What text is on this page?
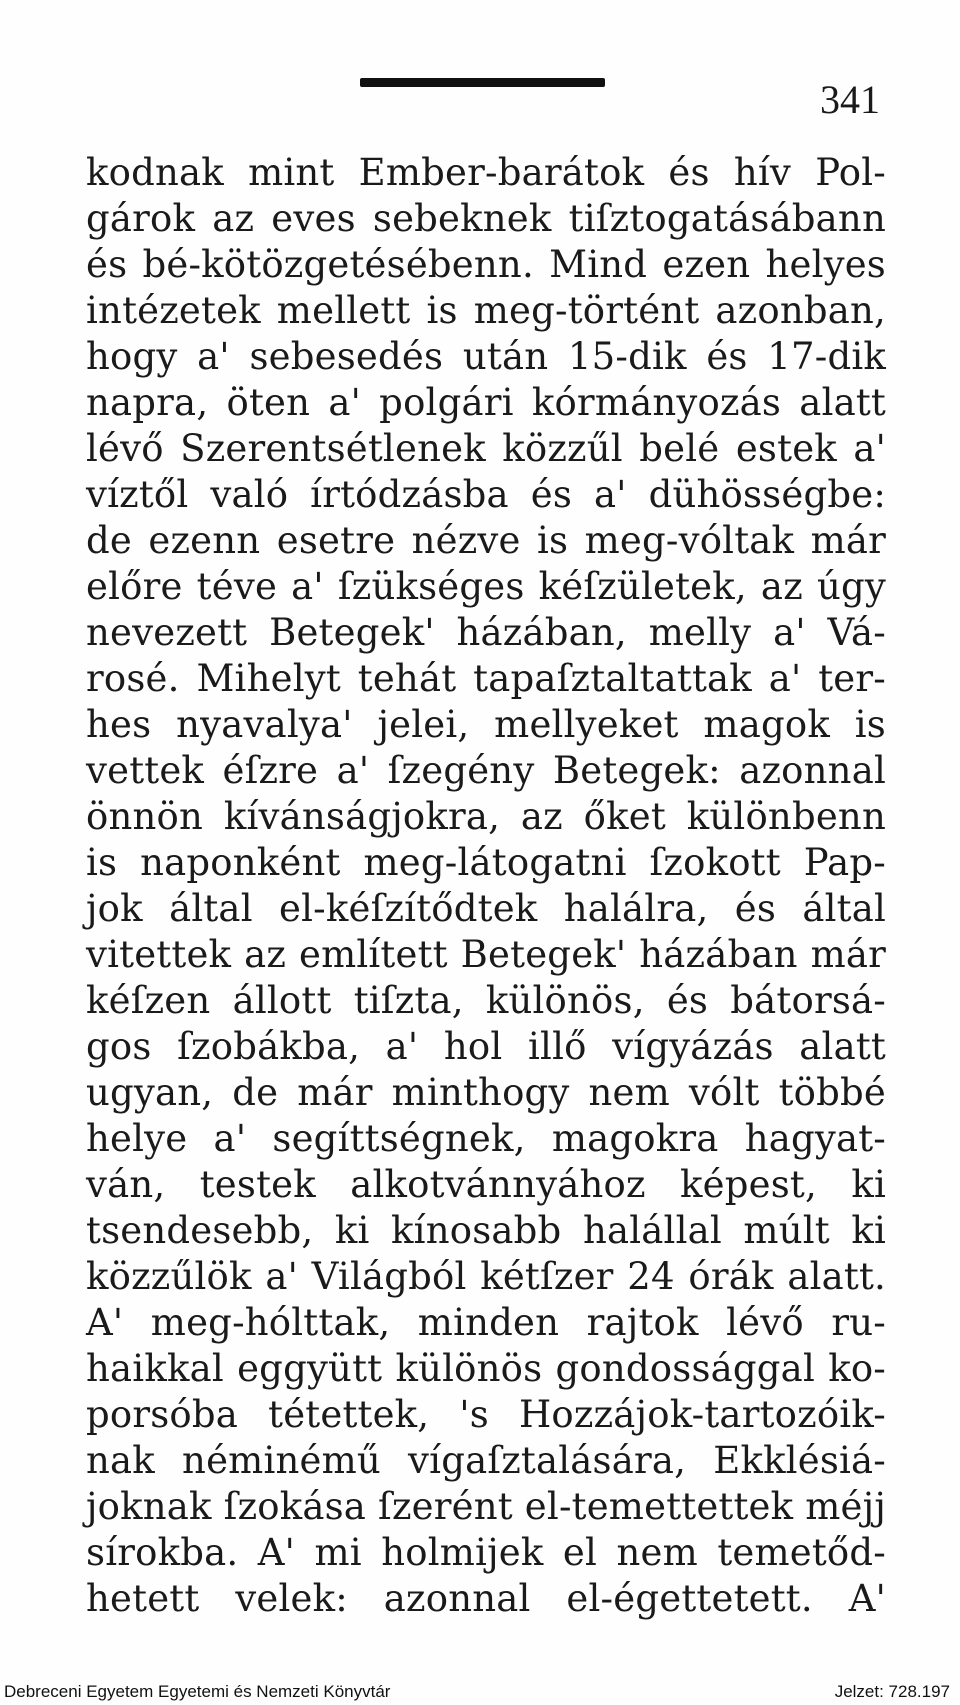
341
kodnak mint Ember-barátok és hív Pol-
gárok az eves sebeknek tiſztogatásábann
és bé-kötözgetésébenn. Mind ezen helyes
intézetek mellett is meg-történt azonban,
hogy a' sebesedés után 15-dik és 17-dik
napra, öten a' polgári kórmányozás alatt
lévő Szerentsétlenek közzűl belé estek a'
víztől való írtódzásba és a' dühösségbe:
de ezenn esetre nézve is meg-vóltak már
előre téve a' ſzükséges kéſzületek, az úgy
nevezett Betegek' házában, melly a' Vá-
rosé. Mihelyt tehát tapaſztaltattak a' ter-
hes nyavalya' jelei, mellyeket magok is
vettek éſzre a' ſzegény Betegek: azonnal
önnön kívánságjokra, az őket különbenn
is naponként meg-látogatni ſzokott Pap-
jok által el-kéſzítődtek halálra, és által
vitettek az említett Betegek' házában már
kéſzen állott tiſzta, különös, és bátorsá-
gos ſzobákba, a' hol illő vígyázás alatt
ugyan, de már minthogy nem vólt többé
helye a' segíttségnek, magokra hagyat-
ván, testek alkotvánnyához képest, ki
tsendesebb, ki kínosabb halállal múlt ki
közzűlök a' Világból kétſzer 24 órák alatt.
A' meg-hólttak, minden rajtok lévő ru-
haikkal eggyütt különös gondossággal ko-
porsóba tétettek, 's Hozzájok-tartozóik-
nak néminémű vígaſztalására, Ekklésiá-
joknak ſzokása ſzerént el-temettettek méjj
sírokba. A' mi holmijek el nem temetőd-
hetett velek: azonnal el-égettetett. A'
Debreceni Egyetem Egyetemi és Nemzeti Könyvtár	Jelzet: 728.197
